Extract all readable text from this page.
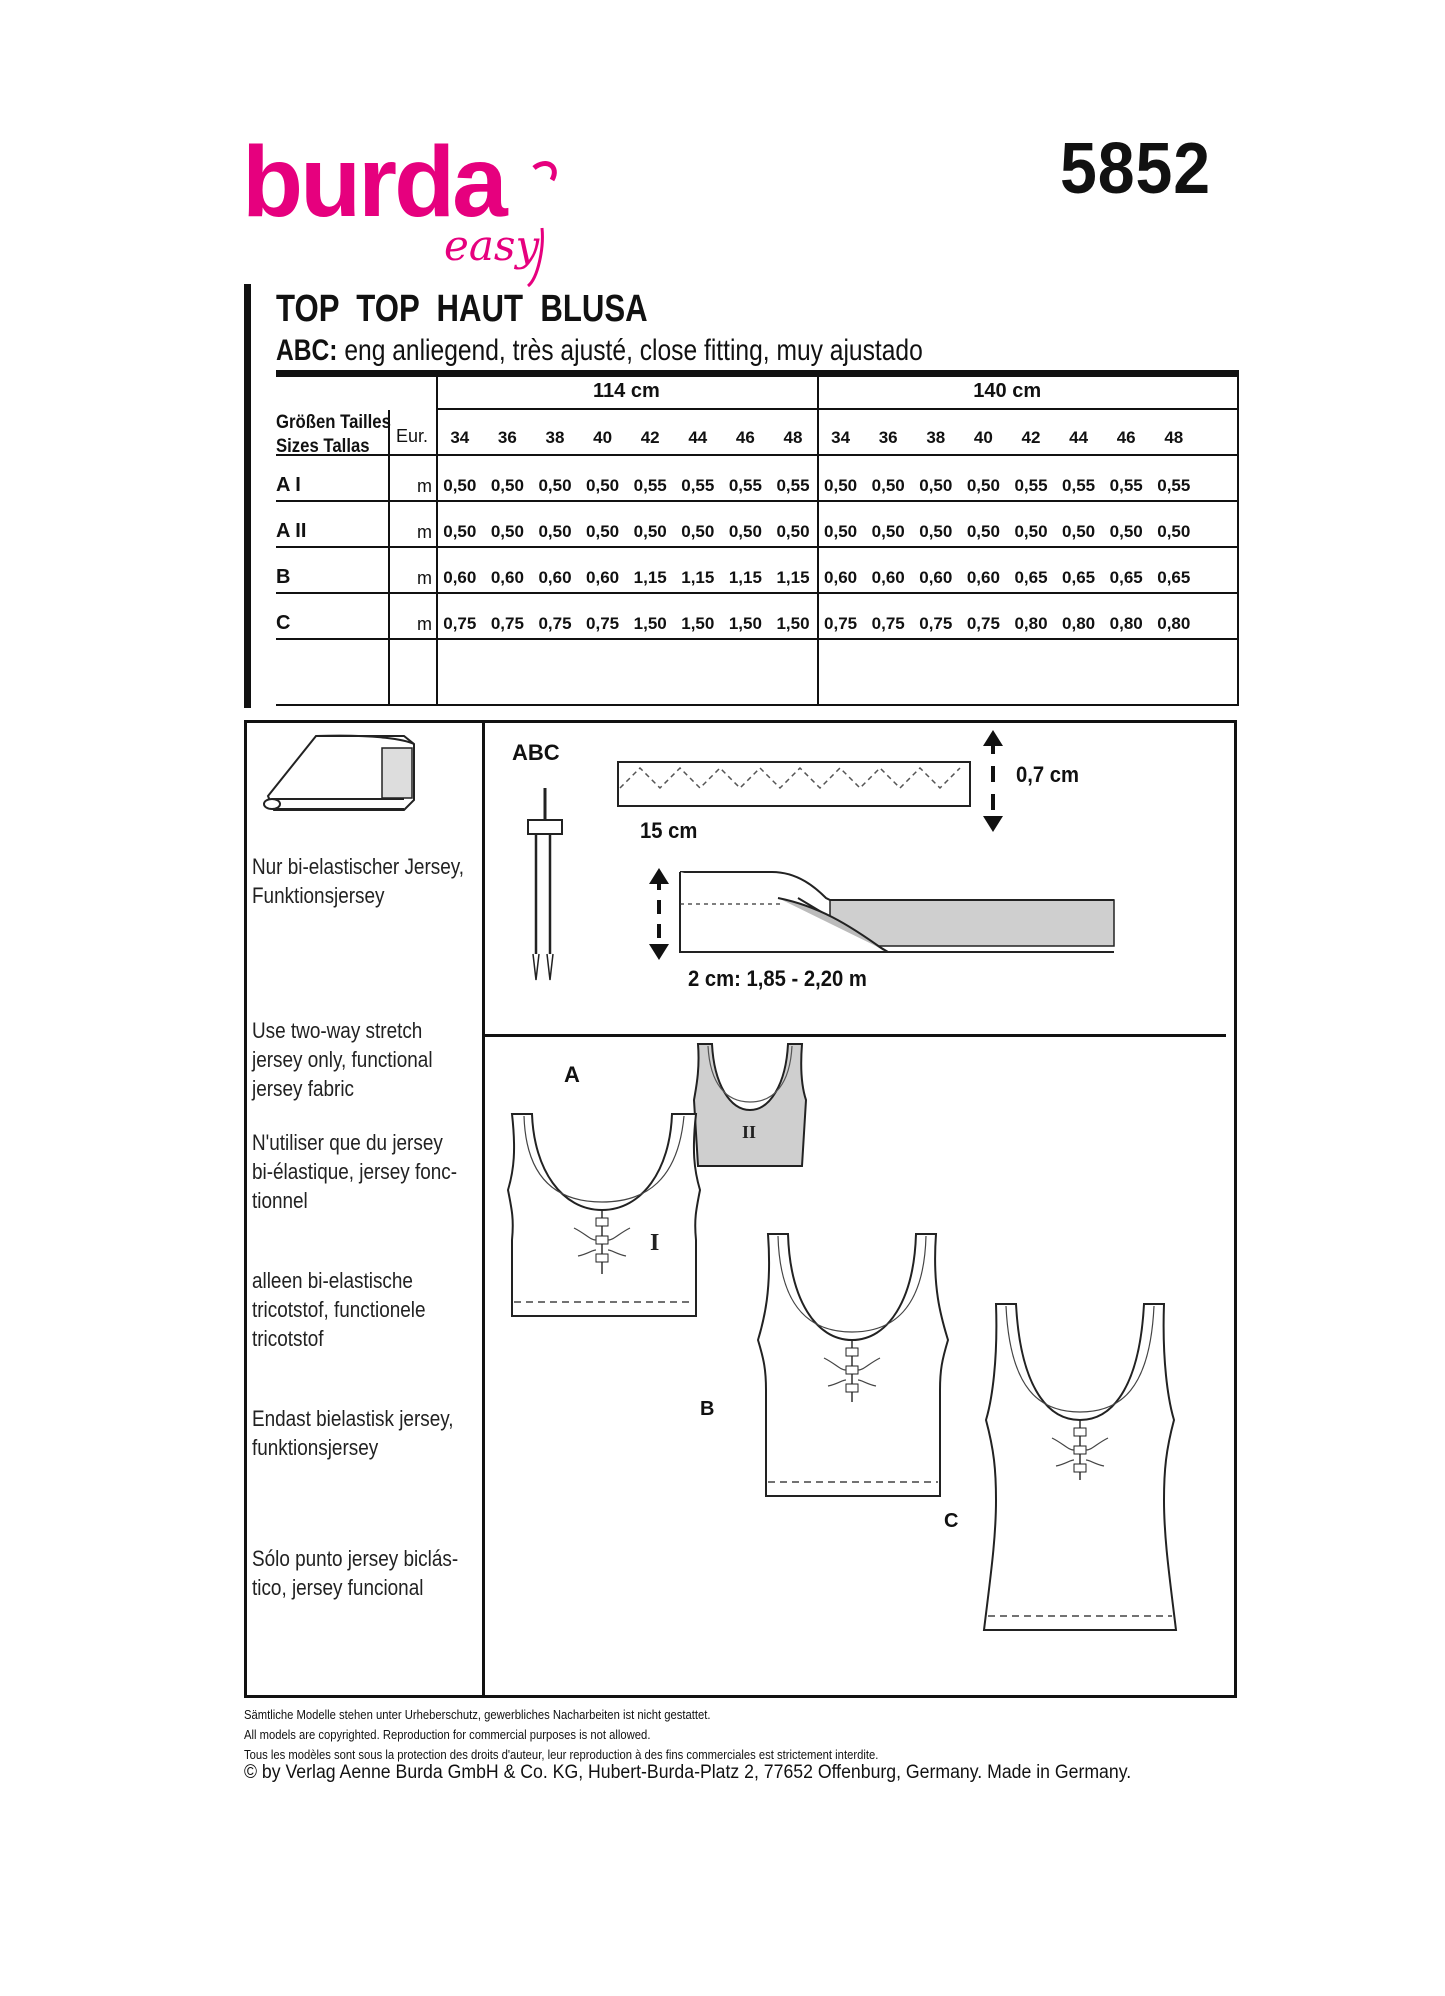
burda
easy
5852
TOP  TOP  HAUT  BLUSA
ABC: eng anliegend, très ajusté, close fitting, muy ajustado
114 cm	140 cm
Größen Tailles
Sizes Tallas	Eur.	34	36	38	40	42	44	46	48	34	36	38	40	42	44	46	48
A I	m 0,50 0,50 0,50 0,50 0,55 0,55 0,55 0,55 0,50 0,50 0,50 0,50 0,55 0,55 0,55 0,55
A II	m 0,50 0,50 0,50 0,50 0,50 0,50 0,50 0,50 0,50 0,50 0,50 0,50 0,50 0,50 0,50 0,50
B	m 0,60 0,60 0,60 0,60 1,15 1,15 1,15 1,15 0,60 0,60 0,60 0,60 0,65 0,65 0,65 0,65
C	m 0,75 0,75 0,75 0,75 1,50 1,50 1,50 1,50 0,75 0,75 0,75 0,75 0,80 0,80 0,80 0,80
Nur bi-elastischer Jersey,
Funktionsjersey
Use two-way stretch
jersey only, functional
jersey fabric
N'utiliser que du jersey
bi-élastique, jersey fonc-
tionnel
alleen bi-elastische
tricotstof, functionele
tricotstof
Endast bielastisk jersey,
funktionsjersey
Sólo punto jersey biclás-
tico, jersey funcional
ABC
0,7 cm
15 cm
2 cm: 1,85 - 2,20 m
A
II
I
B
C
Sämtliche Modelle stehen unter Urheberschutz, gewerbliches Nacharbeiten ist nicht gestattet.
All models are copyrighted. Reproduction for commercial purposes is not allowed.
Tous les modèles sont sous la protection des droits d'auteur, leur reproduction à des fins commerciales est strictement interdite.
© by Verlag Aenne Burda GmbH & Co. KG, Hubert-Burda-Platz 2, 77652 Offenburg, Germany. Made in Germany.
